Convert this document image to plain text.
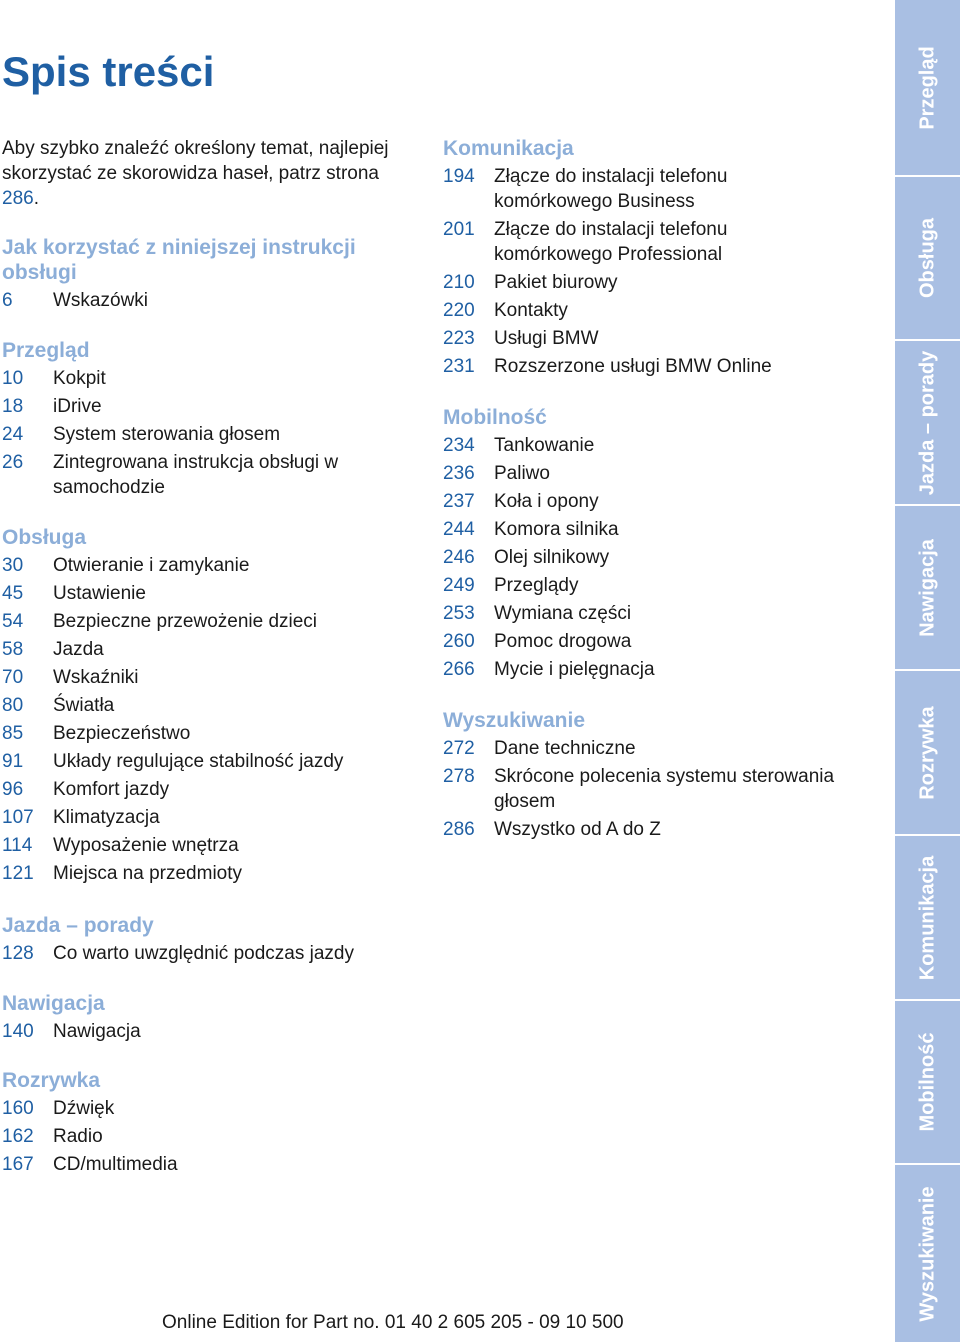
Spis treści
Aby szybko znaleźć określony temat, najlepiej skorzystać ze skorowidza haseł, patrz strona 286.
Jak korzystać z niniejszej instrukcji obsługi
6	Wskazówki
Przegląd
10	Kokpit
18	iDrive
24	System sterowania głosem
26	Zintegrowana instrukcja obsługi w samochodzie
Obsługa
30	Otwieranie i zamykanie
45	Ustawienie
54	Bezpieczne przewożenie dzieci
58	Jazda
70	Wskaźniki
80	Światła
85	Bezpieczeństwo
91	Układy regulujące stabilność jazdy
96	Komfort jazdy
107	Klimatyzacja
114	Wyposażenie wnętrza
121	Miejsca na przedmioty
Jazda – porady
128	Co warto uwzględnić podczas jazdy
Nawigacja
140	Nawigacja
Rozrywka
160	Dźwięk
162	Radio
167	CD/multimedia
Komunikacja
194	Złącze do instalacji telefonu komórkowego Business
201	Złącze do instalacji telefonu komórkowego Professional
210	Pakiet biurowy
220	Kontakty
223	Usługi BMW
231	Rozszerzone usługi BMW Online
Mobilność
234	Tankowanie
236	Paliwo
237	Koła i opony
244	Komora silnika
246	Olej silnikowy
249	Przeglądy
253	Wymiana części
260	Pomoc drogowa
266	Mycie i pielęgnacja
Wyszukiwanie
272	Dane techniczne
278	Skrócone polecenia systemu sterowania głosem
286	Wszystko od A do Z
Online Edition for Part no. 01 40 2 605 205 - 09 10 500
Przegląd
Obsługa
Jazda – porady
Nawigacja
Rozrywka
Komunikacja
Mobilność
Wyszukiwanie
